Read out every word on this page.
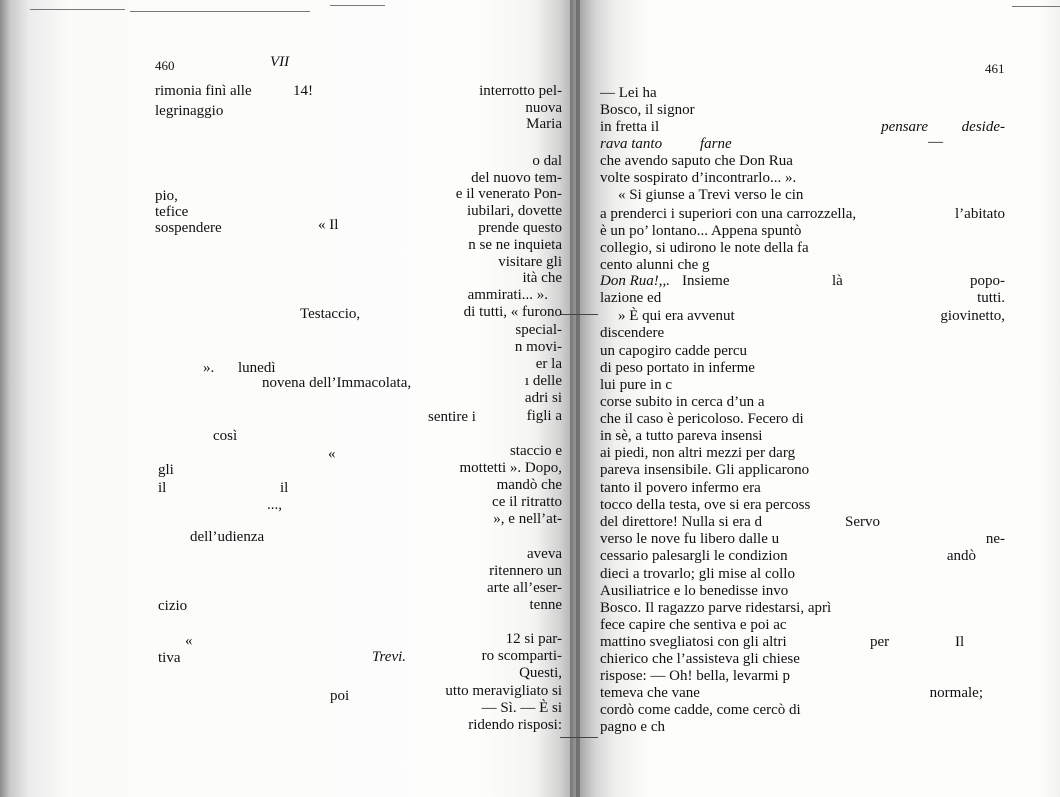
460	VII	461
rimonia finì alle	14!
legrinaggio
pio,
tefice
sospendere	« Il
Testaccio,
». lunedì
novena dell’Immacolata,
così
«
gli
il	il
...,
dell’udienza
cizio
«
tiva	Trevi.
poi
sentire i
interrotto pel-
nuova
Maria
o dal
del nuovo tem-
e il venerato Pon-
iubilari, dovette
prende questo
n se ne inquieta
visitare gli
ità che
ammirati... ».
di tutti, « furono
special-
n movi-
er la
ı delle
adri si
figli a
staccio e
mottetti ». Dopo,
mandò che
ce il ritratto
», e nell’at-
aveva
ritennero un
arte all’eser-
tenne
12 si par-
ro scomparti-
Questi,
utto meravigliato si
— Sì. — È si
ridendo risposi:
— Lei ha
Bosco, il signor
in fretta il
rava tanto	farne
che avendo saputo che Don Rua
volte sospirato d’incontrarlo... ».
« Si giunse a Trevi verso le cin
a prenderci i superiori con una carrozzella,
è un po’ lontano... Appena spuntò
collegio, si udirono le note della fa
cento alunni che g
Don Rua!,,. Insieme	là
lazione ed
» È qui era avvenut
discendere
un capogiro cadde percu
di peso portato in inferme
lui pure in c
corse subito in cerca d’un a
che il caso è pericoloso. Fecero di
in sè, a tutto pareva insensi
ai piedi, non altri mezzi per darg
pareva insensibile. Gli applicarono
tanto il povero infermo era
tocco della testa, ove si era percoss
del direttore! Nulla si era d	Servo
verso le nove fu libero dalle u
cessario palesargli le condizion
dieci a trovarlo; gli mise al collo
Ausiliatrice e lo benedisse invo
Bosco. Il ragazzo parve ridestarsi, aprì
fece capire che sentiva e poi ac
mattino svegliatosi con gli altri	per	Il
chierico che l’assisteva gli chiese
rispose: — Oh! bella, levarmi p
temeva che vane
cordò come cadde, come cercò di
pagno e ch
pensare deside-
—
l’abitato
popo-
tutti.
giovinetto,
ne-
andò
normale;
